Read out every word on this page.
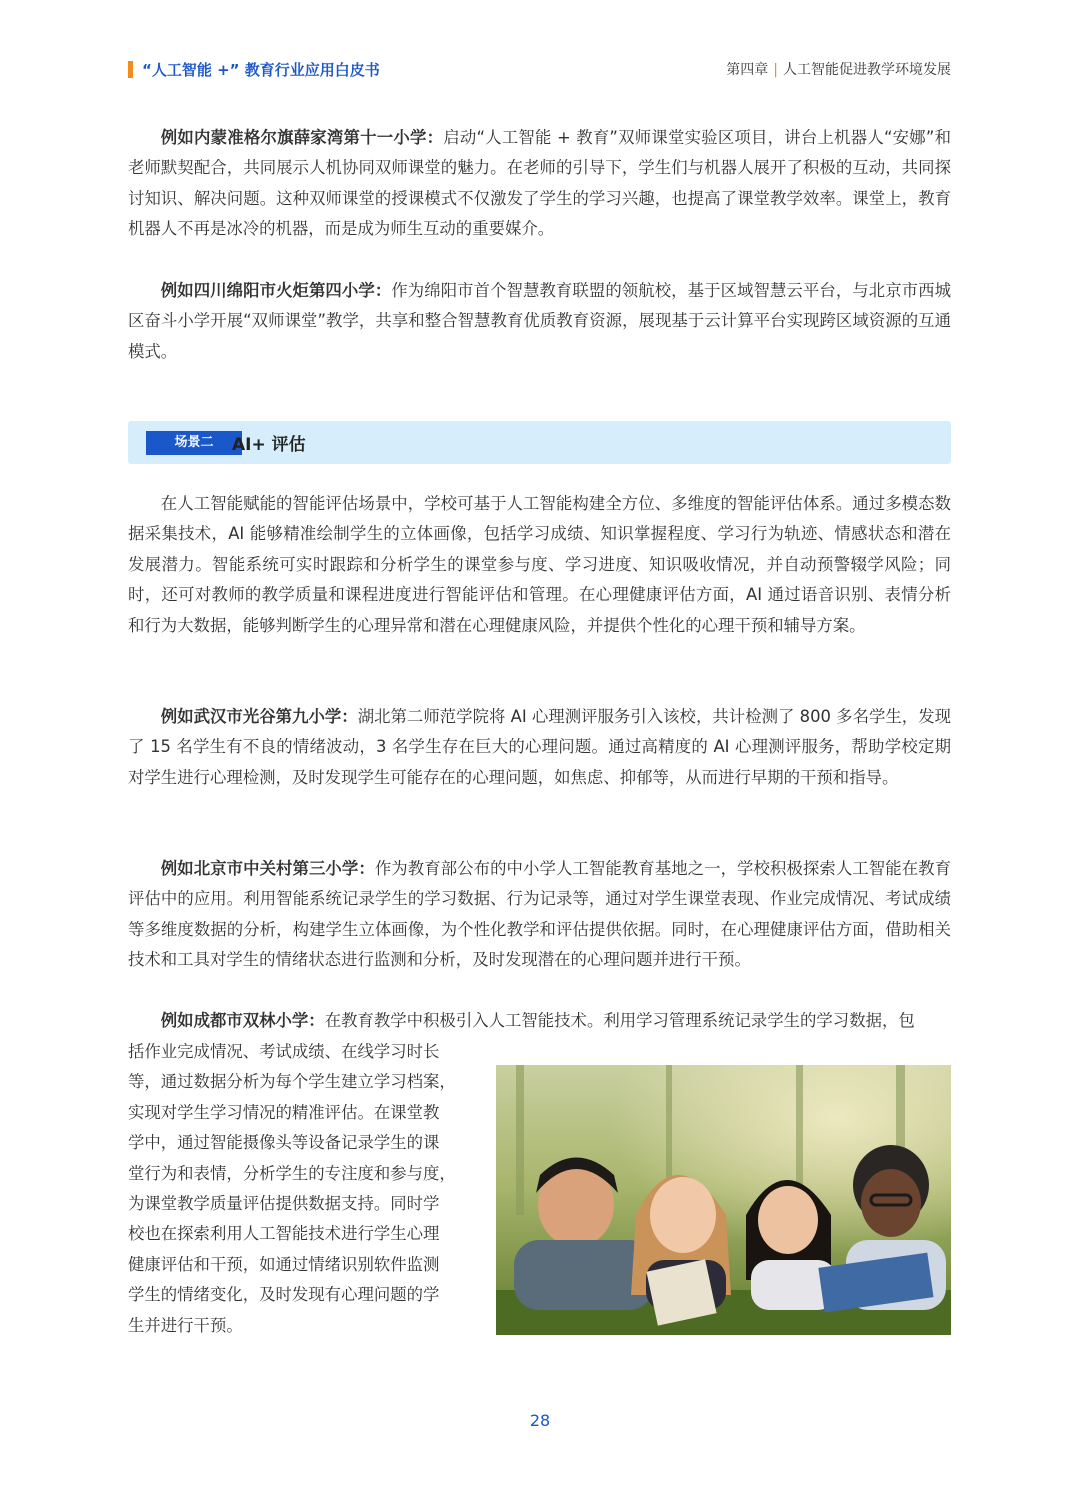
“人工智能 +” 教育行业应用白皮书	第四章 | 人工智能促进教学环境发展

例如内蒙准格尔旗薛家湾第十一小学：启动“人工智能 + 教育”双师课堂实验区项目，讲台上机器人“安娜”和老师默契配合，共同展示人机协同双师课堂的魅力。在老师的引导下，学生们与机器人展开了积极的互动，共同探讨知识、解决问题。这种双师课堂的授课模式不仅激发了学生的学习兴趣，也提高了课堂教学效率。课堂上，教育机器人不再是冰冷的机器，而是成为师生互动的重要媒介。

例如四川绵阳市火炬第四小学：作为绵阳市首个智慧教育联盟的领航校，基于区域智慧云平台，与北京市西城区奋斗小学开展“双师课堂”教学，共享和整合智慧教育优质教育资源，展现基于云计算平台实现跨区域资源的互通模式。

场景二	AI+ 评估

在人工智能赋能的智能评估场景中，学校可基于人工智能构建全方位、多维度的智能评估体系。通过多模态数据采集技术，AI 能够精准绘制学生的立体画像，包括学习成绩、知识掌握程度、学习行为轨迹、情感状态和潜在发展潜力。智能系统可实时跟踪和分析学生的课堂参与度、学习进度、知识吸收情况，并自动预警辍学风险；同时，还可对教师的教学质量和课程进度进行智能评估和管理。在心理健康评估方面，AI 通过语音识别、表情分析和行为大数据，能够判断学生的心理异常和潜在心理健康风险，并提供个性化的心理干预和辅导方案。

例如武汉市光谷第九小学：湖北第二师范学院将 AI 心理测评服务引入该校，共计检测了 800 多名学生，发现了 15 名学生有不良的情绪波动，3 名学生存在巨大的心理问题。通过高精度的 AI 心理测评服务，帮助学校定期对学生进行心理检测，及时发现学生可能存在的心理问题，如焦虑、抑郁等，从而进行早期的干预和指导。

例如北京市中关村第三小学：作为教育部公布的中小学人工智能教育基地之一，学校积极探索人工智能在教育评估中的应用。利用智能系统记录学生的学习数据、行为记录等，通过对学生课堂表现、作业完成情况、考试成绩等多维度数据的分析，构建学生立体画像，为个性化教学和评估提供依据。同时，在心理健康评估方面，借助相关技术和工具对学生的情绪状态进行监测和分析，及时发现潜在的心理问题并进行干预。

例如成都市双林小学：在教育教学中积极引入人工智能技术。利用学习管理系统记录学生的学习数据，包

括作业完成情况、考试成绩、在线学习时长
等，通过数据分析为每个学生建立学习档案，
实现对学生学习情况的精准评估。在课堂教
学中，通过智能摄像头等设备记录学生的课
堂行为和表情，分析学生的专注度和参与度，
为课堂教学质量评估提供数据支持。同时学
校也在探索利用人工智能技术进行学生心理
健康评估和干预，如通过情绪识别软件监测
学生的情绪变化，及时发现有心理问题的学
生并进行干预。
28
